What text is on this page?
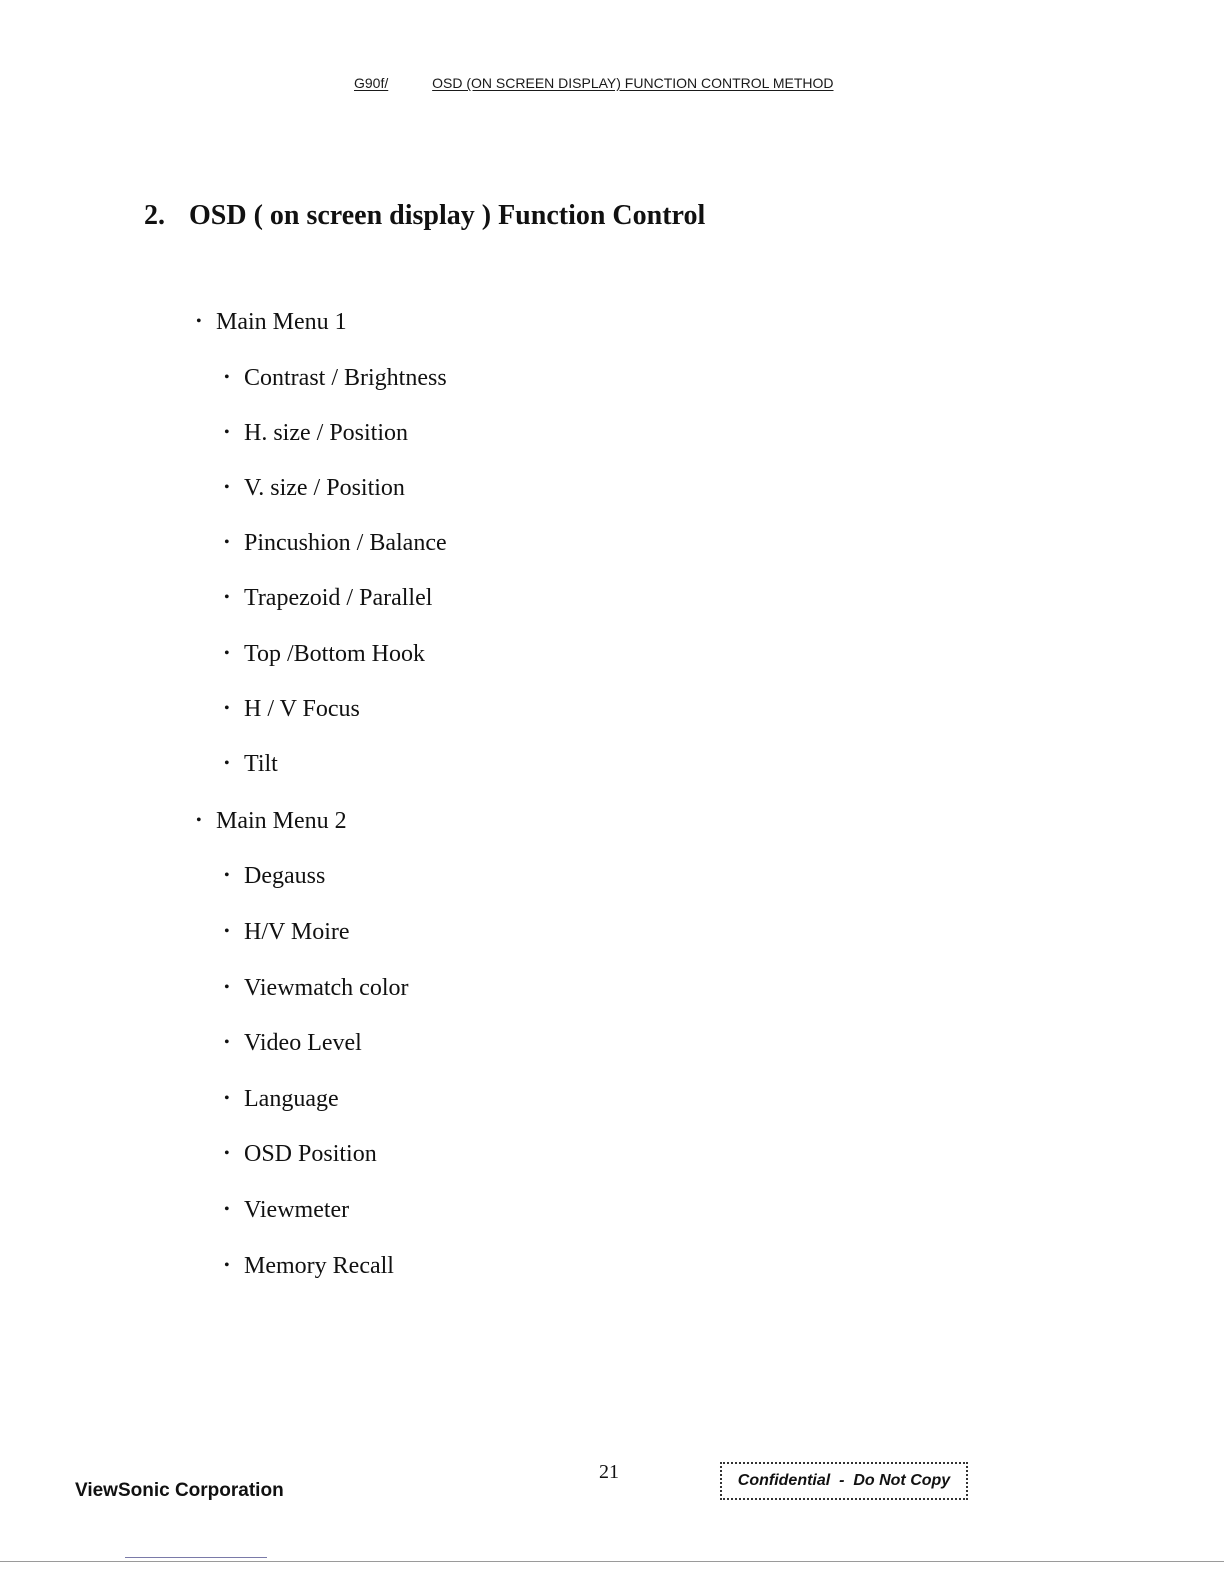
G90f/	OSD (ON SCREEN DISPLAY) FUNCTION CONTROL METHOD
2. OSD ( on screen display ) Function Control
• Main Menu 1
• Contrast / Brightness
• H. size / Position
• V. size / Position
• Pincushion / Balance
• Trapezoid / Parallel
• Top /Bottom Hook
• H / V Focus
• Tilt
• Main Menu 2
• Degauss
• H/V Moire
• Viewmatch color
• Video Level
• Language
• OSD Position
• Viewmeter
• Memory Recall
ViewSonic Corporation
21	Confidential  -  Do Not Copy
